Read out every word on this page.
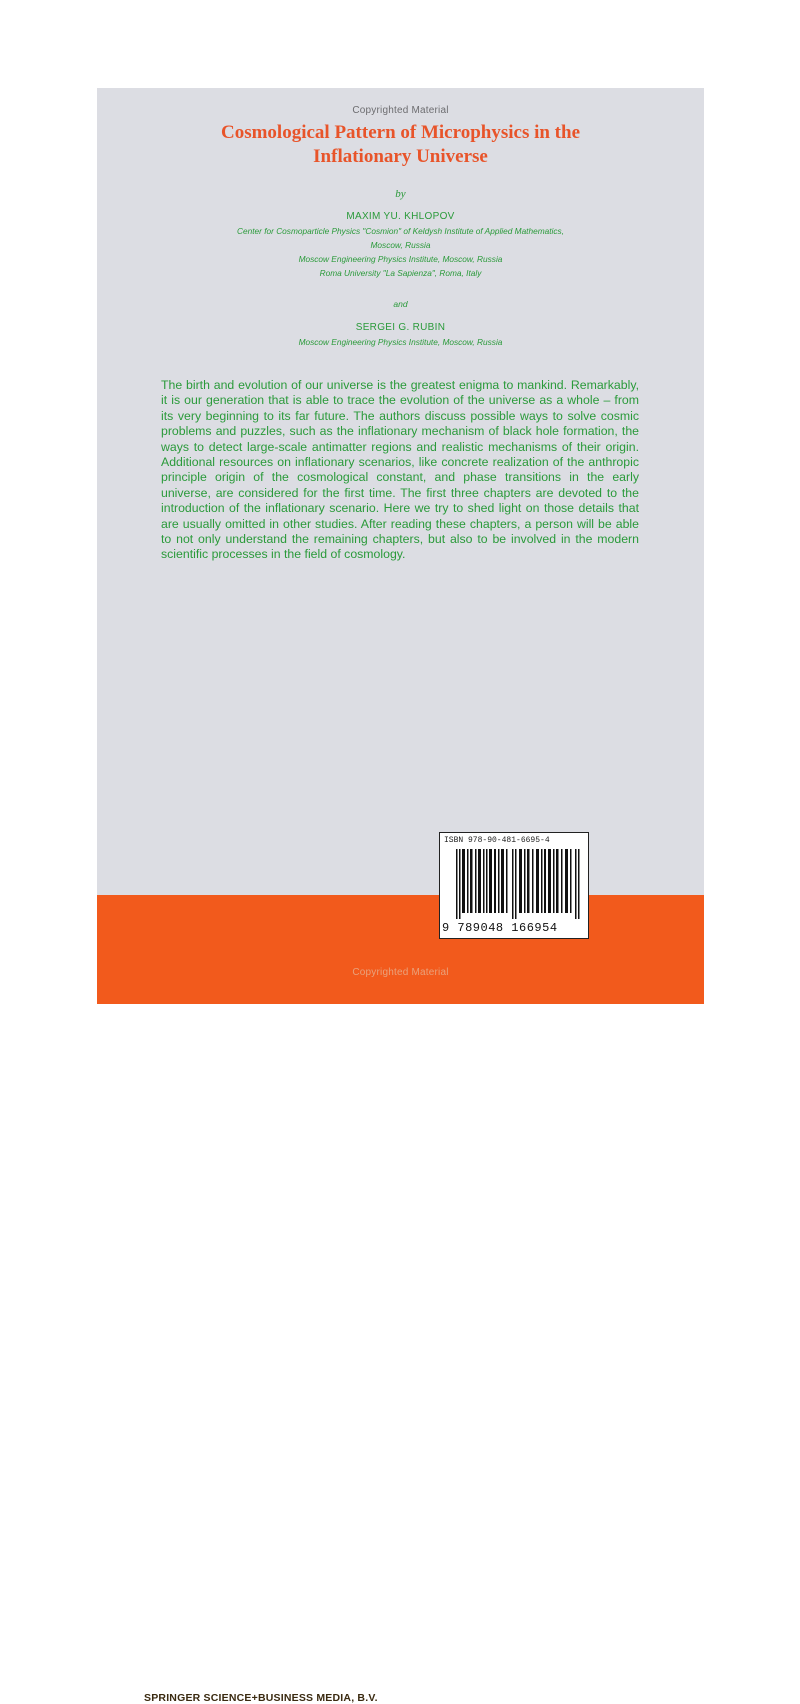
Copyrighted Material
Cosmological Pattern of Microphysics in the
Inflationary Universe
by
MAXIM YU. KHLOPOV
Center for Cosmoparticle Physics "Cosmion" of Keldysh Institute of Applied Mathematics,
Moscow, Russia
Moscow Engineering Physics Institute, Moscow, Russia
Roma University "La Sapienza", Roma, Italy
and
SERGEI G. RUBIN
Moscow Engineering Physics Institute, Moscow, Russia

The birth and evolution of our universe is the greatest enigma to mankind. Remarkably, it is our generation that is able to trace the evolution of the universe as a whole – from its very beginning to its far future. The authors discuss possible ways to solve cosmic problems and puzzles, such as the inflationary mechanism of black hole formation, the ways to detect large-scale antimatter regions and realistic mechanisms of their origin. Additional resources on inflationary scenarios, like concrete realization of the anthropic principle origin of the cosmological constant, and phase transitions in the early universe, are considered for the first time. The first three chapters are devoted to the introduction of the inflationary scenario. Here we try to shed light on those details that are usually omitted in other studies. After reading these chapters, a person will be able to not only understand the remaining chapters, but also to be involved in the modern scientific processes in the field of cosmology.

SPRINGER SCIENCE+BUSINESS MEDIA, B.V.
ISBN 978-90-481-6695-4
9 789048 166954
Copyrighted Material
